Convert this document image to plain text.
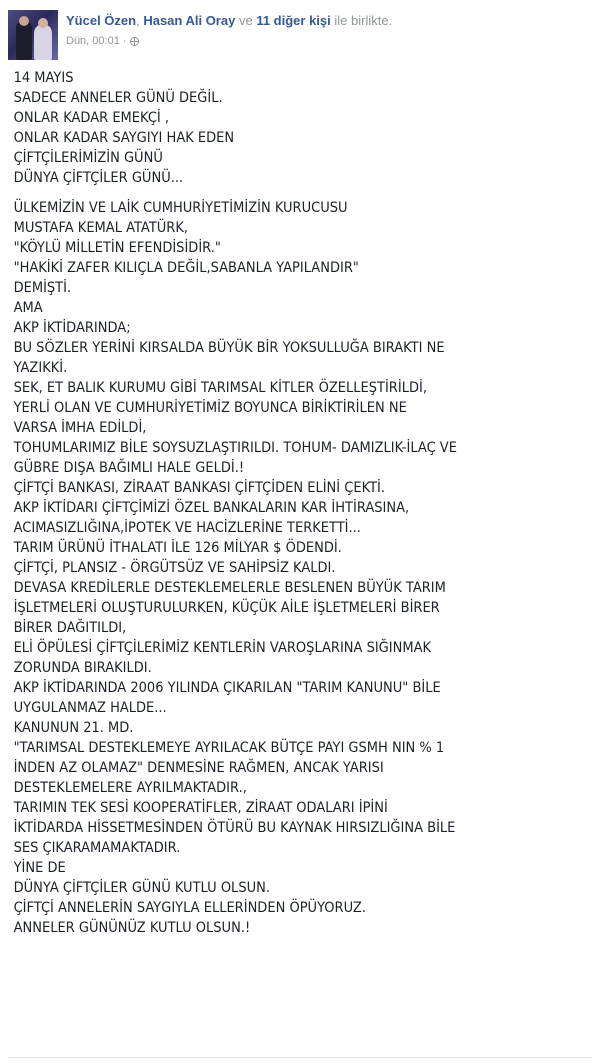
Yücel Özen, Hasan Ali Oray ve 11 diğer kişi ile birlikte.
Dün, 00:01 ·

14 MAYIS

SADECE ANNELER GÜNÜ DEĞİL.

ONLAR KADAR EMEKÇİ ,

ONLAR KADAR SAYGIYI HAK EDEN

ÇİFTÇİLERİMİZİN GÜNÜ

DÜNYA ÇİFTÇİLER GÜNÜ...

ÜLKEMİZİN VE LAİK CUMHURİYETİMİZİN KURUCUSU

MUSTAFA KEMAL ATATÜRK,

"KÖYLÜ MİLLETİN EFENDİSİDİR."

"HAKİKİ ZAFER KILIÇLA DEĞİL,SABANLA YAPILANDIR"

DEMİŞTİ.

AMA

AKP İKTİDARINDA;

BU SÖZLER YERİNİ KIRSALDA BÜYÜK BİR YOKSULLUĞA BIRAKTI NE

YAZIKKİ.

SEK, ET BALIK KURUMU GİBİ TARIMSAL KİTLER ÖZELLEŞTİRİLDİ,

YERLİ OLAN VE CUMHURİYETİMİZ BOYUNCA BİRİKTİRİLEN NE

VARSA İMHA EDİLDİ,

TOHUMLARIMIZ BİLE SOYSUZLAŞTIRILDI. TOHUM- DAMIZLIK-İLAÇ VE

GÜBRE DIŞA BAĞIMLI HALE GELDİ.!

ÇİFTÇİ BANKASI, ZİRAAT BANKASI ÇİFTÇİDEN ELİNİ ÇEKTİ.

AKP İKTİDARI ÇİFTÇİMİZİ ÖZEL BANKALARIN KAR İHTİRASINA,

ACIMASIZLIĞINA,İPOTEK VE HACİZLERİNE TERKETTİ...

TARIM ÜRÜNÜ İTHALATI İLE 126 MİLYAR $ ÖDENDİ.

ÇİFTÇİ, PLANSIZ - ÖRGÜTSÜZ VE SAHİPSİZ KALDI.

DEVASA KREDİLERLE DESTEKLEMELERLE BESLENEN BÜYÜK TARIM

İŞLETMELERİ OLUŞTURULURKEN, KÜÇÜK AİLE İŞLETMELERİ BİRER

BİRER DAĞITILDI,

ELİ ÖPÜLESİ ÇİFTÇİLERİMİZ KENTLERİN VAROŞLARINA SIĞINMAK

ZORUNDA BIRAKILDI.

AKP İKTİDARINDA 2006 YILINDA ÇIKARILAN "TARIM KANUNU" BİLE

UYGULANMAZ HALDE...

KANUNUN 21. MD.

"TARIMSAL DESTEKLEMEYE AYRILACAK BÜTÇE PAYI GSMH NIN % 1

İNDEN AZ OLAMAZ" DENMESİNE RAĞMEN, ANCAK YARISI

DESTEKLEMELERE AYRILMAKTADIR.,

TARIMIN TEK SESİ KOOPERATİFLER, ZİRAAT ODALARI İPİNİ

İKTİDARDA HİSSETMESİNDEN ÖTÜRÜ BU KAYNAK HIRSIZLIĞINA BİLE

SES ÇIKARAMAMAKTADIR.

YİNE DE

DÜNYA ÇİFTÇİLER GÜNÜ KUTLU OLSUN.

ÇİFTÇİ ANNELERİN SAYGIYLA ELLERİNDEN ÖPÜYORUZ.

ANNELER GÜNÜNÜZ KUTLU OLSUN.!
